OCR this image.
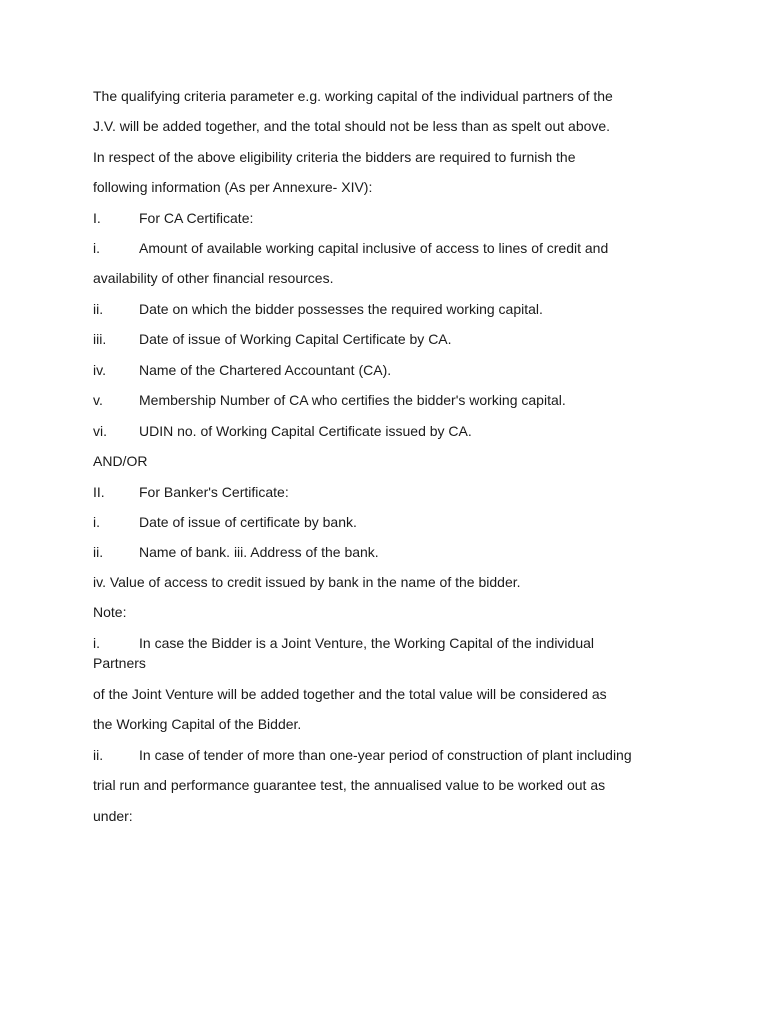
The qualifying criteria parameter e.g. working capital of the individual partners of the
J.V. will be added together, and the total should not be less than as spelt out above.
In respect of the above eligibility criteria the bidders are required to furnish the
following information (As per Annexure- XIV):
I.	For CA Certificate:
i.	Amount of available working capital inclusive of access to lines of credit and
availability of other financial resources.
ii.	Date on which the bidder possesses the required working capital.
iii. Date of issue of Working Capital Certificate by CA.
iv. Name of the Chartered Accountant (CA).
v.	Membership Number of CA who certifies the bidder's working capital.
vi. UDIN no. of Working Capital Certificate issued by CA.
AND/OR
II. For Banker's Certificate:
i.	Date of issue of certificate by bank.
ii.	Name of bank. iii. Address of the bank.
iv. Value of access to credit issued by bank in the name of the bidder.
Note:
i.	In case the Bidder is a Joint Venture, the Working Capital of the individual
Partners
of the Joint Venture will be added together and the total value will be considered as
the Working Capital of the Bidder.
ii.	In case of tender of more than one-year period of construction of plant including
trial run and performance guarantee test, the annualised value to be worked out as
under:
